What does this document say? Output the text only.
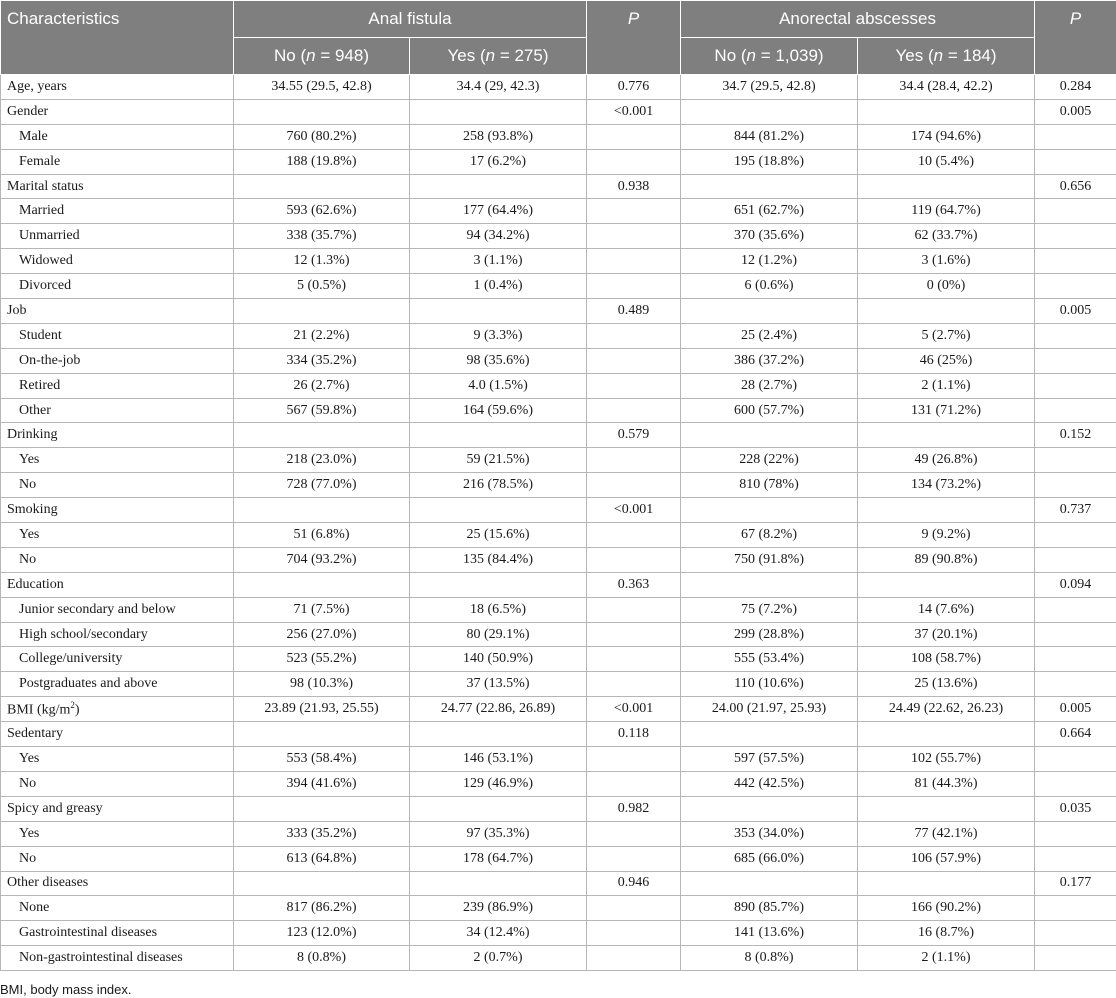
Characteristics	Anal fistula		P	Anorectal abscesses		P
	No (n = 948)	Yes (n = 275)		No (n = 1,039)	Yes (n = 184)	
Age, years	34.55 (29.5, 42.8)	34.4 (29, 42.3)	0.776	34.7 (29.5, 42.8)	34.4 (28.4, 42.2)	0.284
Gender			<0.001			0.005
Male	760 (80.2%)	258 (93.8%)		844 (81.2%)	174 (94.6%)	
Female	188 (19.8%)	17 (6.2%)		195 (18.8%)	10 (5.4%)	
Marital status			0.938			0.656
Married	593 (62.6%)	177 (64.4%)		651 (62.7%)	119 (64.7%)	
Unmarried	338 (35.7%)	94 (34.2%)		370 (35.6%)	62 (33.7%)	
Widowed	12 (1.3%)	3 (1.1%)		12 (1.2%)	3 (1.6%)	
Divorced	5 (0.5%)	1 (0.4%)		6 (0.6%)	0 (0%)	
Job			0.489			0.005
Student	21 (2.2%)	9 (3.3%)		25 (2.4%)	5 (2.7%)	
On-the-job	334 (35.2%)	98 (35.6%)		386 (37.2%)	46 (25%)	
Retired	26 (2.7%)	4.0 (1.5%)		28 (2.7%)	2 (1.1%)	
Other	567 (59.8%)	164 (59.6%)		600 (57.7%)	131 (71.2%)	
Drinking			0.579			0.152
Yes	218 (23.0%)	59 (21.5%)		228 (22%)	49 (26.8%)	
No	728 (77.0%)	216 (78.5%)		810 (78%)	134 (73.2%)	
Smoking			<0.001			0.737
Yes	51 (6.8%)	25 (15.6%)		67 (8.2%)	9 (9.2%)	
No	704 (93.2%)	135 (84.4%)		750 (91.8%)	89 (90.8%)	
Education			0.363			0.094
Junior secondary and below	71 (7.5%)	18 (6.5%)		75 (7.2%)	14 (7.6%)	
High school/secondary	256 (27.0%)	80 (29.1%)		299 (28.8%)	37 (20.1%)	
College/university	523 (55.2%)	140 (50.9%)		555 (53.4%)	108 (58.7%)	
Postgraduates and above	98 (10.3%)	37 (13.5%)		110 (10.6%)	25 (13.6%)	
BMI $(kg/m^2)$	23.89 (21.93, 25.55)	24.77 (22.86, 26.89)	<0.001	24.00 (21.97, 25.93)	24.49 (22.62, 26.23)	0.005
Sedentary			0.118			0.664
Yes	553 (58.4%)	146 (53.1%)		597 (57.5%)	102 (55.7%)	
No	394 (41.6%)	129 (46.9%)		442 (42.5%)	81 (44.3%)	
Spicy and greasy			0.982			0.035
Yes	333 (35.2%)	97 (35.3%)		353 (34.0%)	77 (42.1%)	
No	613 (64.8%)	178 (64.7%)		685 (66.0%)	106 (57.9%)	
Other diseases			0.946			0.177
None	817 (86.2%)	239 (86.9%)		890 (85.7%)	166 (90.2%)	
Gastrointestinal diseases	123 (12.0%)	34 (12.4%)		141 (13.6%)	16 (8.7%)	
Non-gastrointestinal diseases	8 (0.8%)	2 (0.7%)		8 (0.8%)	2 (1.1%)	
BMI, body mass index.
